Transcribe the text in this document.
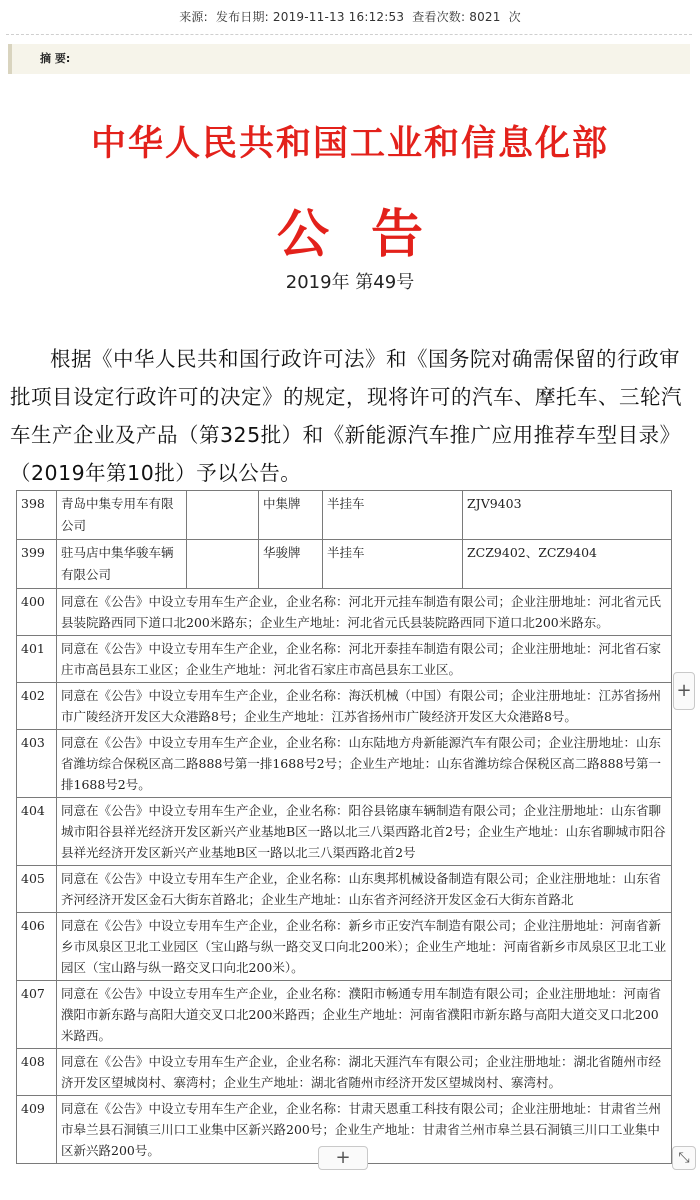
来源: 发布日期: 2019-11-13 16:12:53 查看次数: 8021 次
摘 要:
中华人民共和国工业和信息化部
公告
2019年 第49号

根据《中华人民共和国行政许可法》和《国务院对确需保留的行政审批项目设定行政许可的决定》的规定，现将许可的汽车、摩托车、三轮汽车生产企业及产品（第325批）和《新能源汽车推广应用推荐车型目录》（2019年第10批）予以公告。

398	青岛中集专用车有限公司		中集牌	半挂车	ZJV9403
399	驻马店中集华骏车辆有限公司		华骏牌	半挂车	ZCZ9402、ZCZ9404
400	同意在《公告》中设立专用车生产企业，企业名称：河北开元挂车制造有限公司；企业注册地址：河北省元氏县装院路西同下道口北200米路东；企业生产地址：河北省元氏县装院路西同下道口北200米路东。				
401	同意在《公告》中设立专用车生产企业，企业名称：河北开泰挂车制造有限公司；企业注册地址：河北省石家庄市高邑县东工业区；企业生产地址：河北省石家庄市高邑县东工业区。				
402	同意在《公告》中设立专用车生产企业，企业名称：海沃机械（中国）有限公司；企业注册地址：江苏省扬州市广陵经济开发区大众港路8号；企业生产地址：江苏省扬州市广陵经济开发区大众港路8号。				
403	同意在《公告》中设立专用车生产企业，企业名称：山东陆地方舟新能源汽车有限公司；企业注册地址：山东省潍坊综合保税区高二路888号第一排1688号2号；企业生产地址：山东省潍坊综合保税区高二路888号第一排1688号2号。				
404	同意在《公告》中设立专用车生产企业，企业名称：阳谷县铭康车辆制造有限公司；企业注册地址：山东省聊城市阳谷县祥光经济开发区新兴产业基地B区一路以北三八渠西路北首2号；企业生产地址：山东省聊城市阳谷县祥光经济开发区新兴产业基地B区一路以北三八渠西路北首2号				
405	同意在《公告》中设立专用车生产企业，企业名称：山东奥邦机械设备制造有限公司；企业注册地址：山东省齐河经济开发区金石大街东首路北；企业生产地址：山东省齐河经济开发区金石大街东首路北				
406	同意在《公告》中设立专用车生产企业，企业名称：新乡市正安汽车制造有限公司；企业注册地址：河南省新乡市凤泉区卫北工业园区（宝山路与纵一路交叉口向北200米）；企业生产地址：河南省新乡市凤泉区卫北工业园区（宝山路与纵一路交叉口向北200米）。				
407	同意在《公告》中设立专用车生产企业，企业名称：濮阳市畅通专用车制造有限公司；企业注册地址：河南省濮阳市新东路与高阳大道交叉口北200米路西；企业生产地址：河南省濮阳市新东路与高阳大道交叉口北200米路西。				
408	同意在《公告》中设立专用车生产企业，企业名称：湖北天涯汽车有限公司；企业注册地址：湖北省随州市经济开发区望城岗村、寨湾村；企业生产地址：湖北省随州市经济开发区望城岗村、寨湾村。				
409	同意在《公告》中设立专用车生产企业，企业名称：甘肃天恩重工科技有限公司；企业注册地址：甘肃省兰州市皋兰县石洞镇三川口工业集中区新兴路200号；企业生产地址：甘肃省兰州市皋兰县石洞镇三川口工业集中区新兴路200号。				
+
+	⤡
